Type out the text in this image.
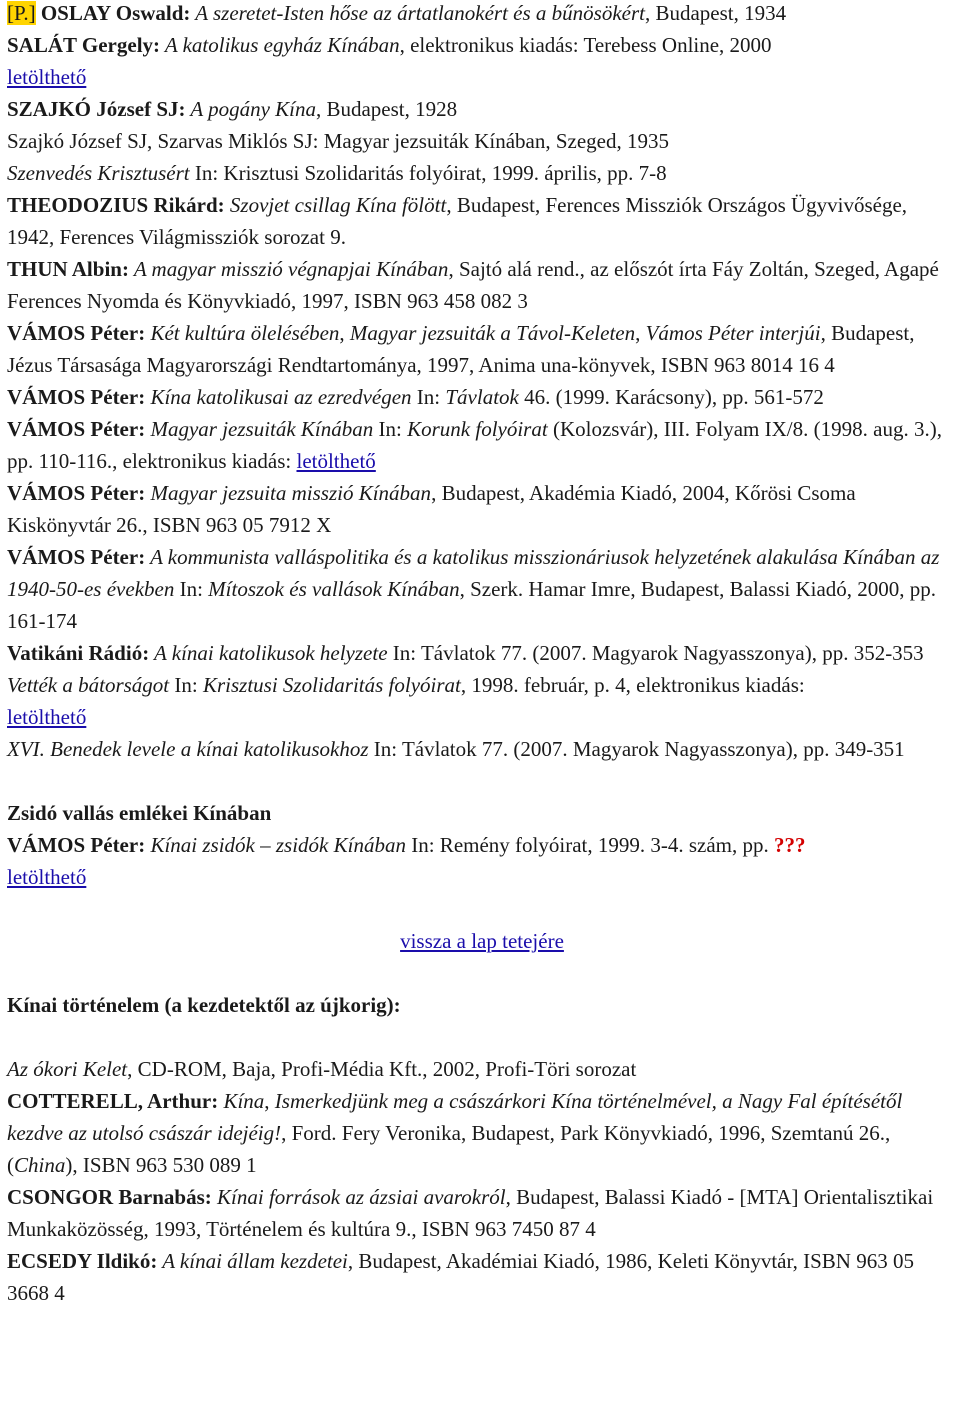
[P.] OSLAY Oswald: A szeretet-Isten hőse az ártatlanokért és a bűnösökért, Budapest, 1934

SALÁT Gergely: A katolikus egyház Kínában, elektronikus kiadás: Terebess Online, 2000
letölthető

SZAJKÓ József SJ: A pogány Kína, Budapest, 1928

Szajkó József SJ, Szarvas Miklós SJ: Magyar jezsuiták Kínában, Szeged, 1935

Szenvedés Krisztusért In: Krisztusi Szolidaritás folyóirat, 1999. április, pp. 7-8

THEODOZIUS Rikárd: Szovjet csillag Kína fölött, Budapest, Ferences Missziók Országos Ügyvivősége, 1942, Ferences Világmissziók sorozat 9.

THUN Albin: A magyar misszió végnapjai Kínában, Sajtó alá rend., az előszót írta Fáy Zoltán, Szeged, Agapé Ferences Nyomda és Könyvkiadó, 1997, ISBN 963 458 082 3

VÁMOS Péter: Két kultúra ölelésében, Magyar jezsuiták a Távol-Keleten, Vámos Péter interjúi, Budapest, Jézus Társasága Magyarországi Rendtartománya, 1997, Anima una-könyvek, ISBN 963 8014 16 4

VÁMOS Péter: Kína katolikusai az ezredvégen In: Távlatok 46. (1999. Karácsony), pp. 561-572

VÁMOS Péter: Magyar jezsuiták Kínában In: Korunk folyóirat (Kolozsvár), III. Folyam IX/8. (1998. aug. 3.), pp. 110-116., elektronikus kiadás: letölthető

VÁMOS Péter: Magyar jezsuita misszió Kínában, Budapest, Akadémia Kiadó, 2004, Kőrösi Csoma Kiskönyvtár 26., ISBN 963 05 7912 X

VÁMOS Péter: A kommunista valláspolitika és a katolikus misszionáriusok helyzetének alakulása Kínában az 1940-50-es években In: Mítoszok és vallások Kínában, Szerk. Hamar Imre, Budapest, Balassi Kiadó, 2000, pp. 161-174

Vatikáni Rádió: A kínai katolikusok helyzete In: Távlatok 77. (2007. Magyarok Nagyasszonya), pp. 352-353

Vették a bátorságot In: Krisztusi Szolidaritás folyóirat, 1998. február, p. 4, elektronikus kiadás:
letölthető

XVI. Benedek levele a kínai katolikusokhoz In: Távlatok 77. (2007. Magyarok Nagyasszonya), pp. 349-351

Zsidó vallás emlékei Kínában

VÁMOS Péter: Kínai zsidók – zsidók Kínában In: Remény folyóirat, 1999. 3-4. szám, pp. ???
letölthető

vissza a lap tetejére

Kínai történelem (a kezdetektől az újkorig):

Az ókori Kelet, CD-ROM, Baja, Profi-Média Kft., 2002, Profi-Töri sorozat

COTTERELL, Arthur: Kína, Ismerkedjünk meg a császárkori Kína történelmével, a Nagy Fal építésétől kezdve az utolsó császár idejéig!, Ford. Fery Veronika, Budapest, Park Könyvkiadó, 1996, Szemtanú 26., (China), ISBN 963 530 089 1

CSONGOR Barnabás: Kínai források az ázsiai avarokról, Budapest, Balassi Kiadó - [MTA] Orientalisztikai Munkaközösség, 1993, Történelem és kultúra 9., ISBN 963 7450 87 4

ECSEDY Ildikó: A kínai állam kezdetei, Budapest, Akadémiai Kiadó, 1986, Keleti Könyvtár, ISBN 963 05 3668 4
